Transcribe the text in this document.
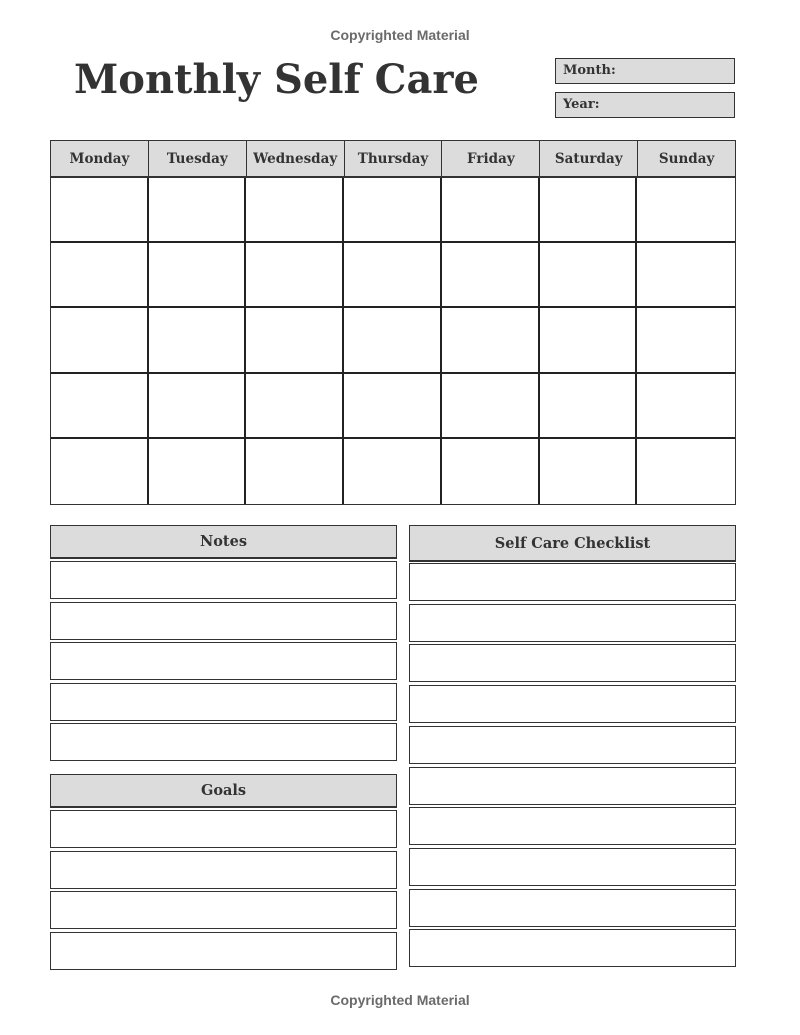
Copyrighted Material
Monthly Self Care	Month:
Year:
Monday	Tuesday	Wednesday	Thursday	Friday	Saturday	Sunday
Notes
Goals
Self Care Checklist
Copyrighted Material
